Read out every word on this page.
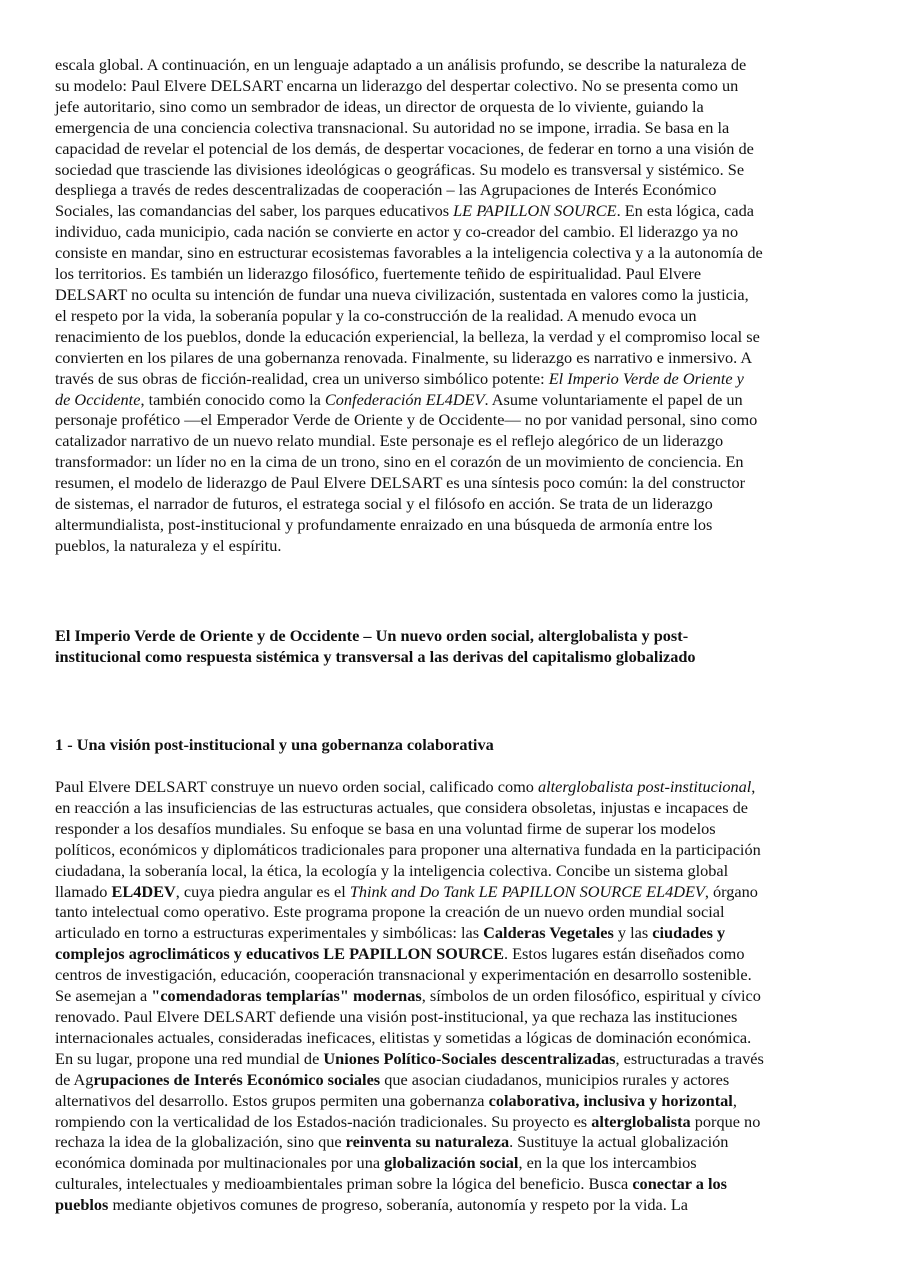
escala global. A continuación, en un lenguaje adaptado a un análisis profundo, se describe la naturaleza de
su modelo: Paul Elvere DELSART encarna un liderazgo del despertar colectivo. No se presenta como un
jefe autoritario, sino como un sembrador de ideas, un director de orquesta de lo viviente, guiando la
emergencia de una conciencia colectiva transnacional. Su autoridad no se impone, irradia. Se basa en la
capacidad de revelar el potencial de los demás, de despertar vocaciones, de federar en torno a una visión de
sociedad que trasciende las divisiones ideológicas o geográficas. Su modelo es transversal y sistémico. Se
despliega a través de redes descentralizadas de cooperación – las Agrupaciones de Interés Económico
Sociales, las comandancias del saber, los parques educativos LE PAPILLON SOURCE. En esta lógica, cada
individuo, cada municipio, cada nación se convierte en actor y co-creador del cambio. El liderazgo ya no
consiste en mandar, sino en estructurar ecosistemas favorables a la inteligencia colectiva y a la autonomía de
los territorios. Es también un liderazgo filosófico, fuertemente teñido de espiritualidad. Paul Elvere
DELSART no oculta su intención de fundar una nueva civilización, sustentada en valores como la justicia,
el respeto por la vida, la soberanía popular y la co-construcción de la realidad. A menudo evoca un
renacimiento de los pueblos, donde la educación experiencial, la belleza, la verdad y el compromiso local se
convierten en los pilares de una gobernanza renovada. Finalmente, su liderazgo es narrativo e inmersivo. A
través de sus obras de ficción-realidad, crea un universo simbólico potente: El Imperio Verde de Oriente y
de Occidente, también conocido como la Confederación EL4DEV. Asume voluntariamente el papel de un
personaje profético —el Emperador Verde de Oriente y de Occidente— no por vanidad personal, sino como
catalizador narrativo de un nuevo relato mundial. Este personaje es el reflejo alegórico de un liderazgo
transformador: un líder no en la cima de un trono, sino en el corazón de un movimiento de conciencia. En
resumen, el modelo de liderazgo de Paul Elvere DELSART es una síntesis poco común: la del constructor
de sistemas, el narrador de futuros, el estratega social y el filósofo en acción. Se trata de un liderazgo
altermundialista, post-institucional y profundamente enraizado en una búsqueda de armonía entre los
pueblos, la naturaleza y el espíritu.
El Imperio Verde de Oriente y de Occidente – Un nuevo orden social, alterglobalista y post-
institucional como respuesta sistémica y transversal a las derivas del capitalismo globalizado
1 - Una visión post-institucional y una gobernanza colaborativa
Paul Elvere DELSART construye un nuevo orden social, calificado como alterglobalista post-institucional,
en reacción a las insuficiencias de las estructuras actuales, que considera obsoletas, injustas e incapaces de
responder a los desafíos mundiales. Su enfoque se basa en una voluntad firme de superar los modelos
políticos, económicos y diplomáticos tradicionales para proponer una alternativa fundada en la participación
ciudadana, la soberanía local, la ética, la ecología y la inteligencia colectiva. Concibe un sistema global
llamado EL4DEV, cuya piedra angular es el Think and Do Tank LE PAPILLON SOURCE EL4DEV, órgano
tanto intelectual como operativo. Este programa propone la creación de un nuevo orden mundial social
articulado en torno a estructuras experimentales y simbólicas: las Calderas Vegetales y las ciudades y
complejos agroclimáticos y educativos LE PAPILLON SOURCE. Estos lugares están diseñados como
centros de investigación, educación, cooperación transnacional y experimentación en desarrollo sostenible.
Se asemejan a "comendadoras templarías" modernas, símbolos de un orden filosófico, espiritual y cívico
renovado. Paul Elvere DELSART defiende una visión post-institucional, ya que rechaza las instituciones
internacionales actuales, consideradas ineficaces, elitistas y sometidas a lógicas de dominación económica.
En su lugar, propone una red mundial de Uniones Político-Sociales descentralizadas, estructuradas a través
de Agrupaciones de Interés Económico sociales que asocian ciudadanos, municipios rurales y actores
alternativos del desarrollo. Estos grupos permiten una gobernanza colaborativa, inclusiva y horizontal,
rompiendo con la verticalidad de los Estados-nación tradicionales. Su proyecto es alterglobalista porque no
rechaza la idea de la globalización, sino que reinventa su naturaleza. Sustituye la actual globalización
económica dominada por multinacionales por una globalización social, en la que los intercambios
culturales, intelectuales y medioambientales priman sobre la lógica del beneficio. Busca conectar a los
pueblos mediante objetivos comunes de progreso, soberanía, autonomía y respeto por la vida. La
